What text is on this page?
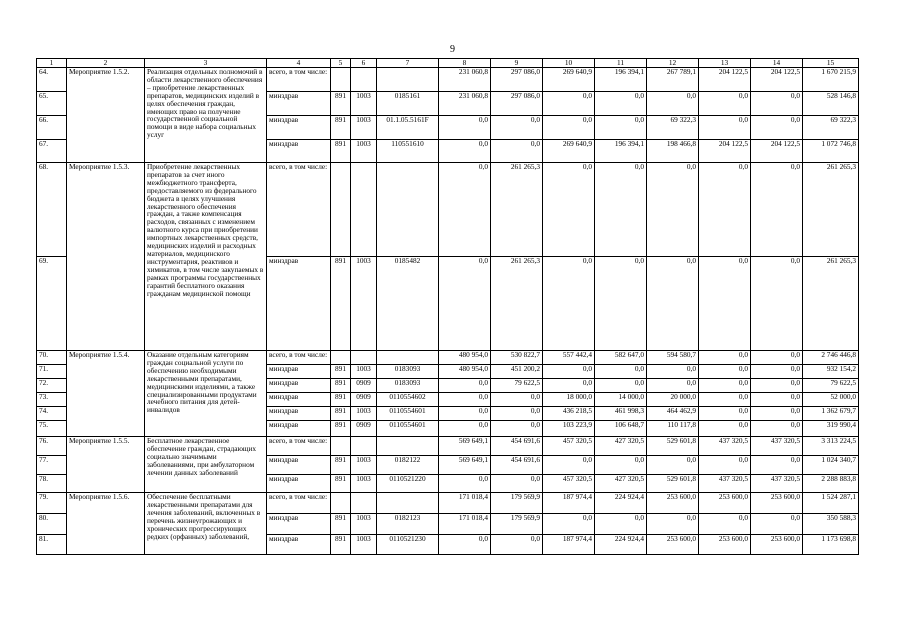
9
1	2	3	4	5	6	7	8	9	10	11	12	13	14	15
64.	Мероприятие 1.5.2.	Реализация отдельных полномочий в области лекарственного обеспечения – приобретение лекарственных препаратов, медицинских изделий в целях обеспечения граждан, имеющих право на получение государственной социальной помощи в виде набора социальных услуг	всего, в том числе:				231 060,8	297 086,0	269 640,9	196 394,1	267 789,1	204 122,5	204 122,5	1 670 215,9
65.			минздрав	891	1003	0185161	231 060,8	297 086,0	0,0	0,0	0,0	0,0	0,0	528 146,8
66.			минздрав	891	1003	01.1.05.5161F	0,0	0,0	0,0	0,0	69 322,3	0,0	0,0	69 322,3
67.			минздрав	891	1003	110551610	0,0	0,0	269 640,9	196 394,1	198 466,8	204 122,5	204 122,5	1 072 746,8
68.	Мероприятие 1.5.3.	Приобретение лекарственных препаратов за счет иного межбюджетного трансферта, предоставляемого из федерального бюджета в целях улучшения лекарственного обеспечения граждан, а также компенсация расходов, связанных с изменением валютного курса при приобретении импортных лекарственных средств, медицинских изделий и расходных материалов, медицинского инструментария, реактивов и химикатов, в том числе закупаемых в рамках программы государственных гарантий бесплатного оказания гражданам медицинской помощи	всего, в том числе:				0,0	261 265,3	0,0	0,0	0,0	0,0	0,0	261 265,3
69.			минздрав	891	1003	0185482	0,0	261 265,3	0,0	0,0	0,0	0,0	0,0	261 265,3
70.	Мероприятие 1.5.4.	Оказание отдельным категориям граждан социальной услуги по обеспечению необходимыми лекарственными препаратами, медицинскими изделиями, а также специализированными продуктами лечебного питания для детей-инвалидов	всего, в том числе:				480 954,0	530 822,7	557 442,4	582 647,0	594 580,7	0,0	0,0	2 746 446,8
71.			минздрав	891	1003	0183093	480 954,0	451 200,2	0,0	0,0	0,0	0,0	0,0	932 154,2
72.			минздрав	891	0909	0183093	0,0	79 622,5	0,0	0,0	0,0	0,0	0,0	79 622,5
73.			минздрав	891	0909	0110554602	0,0	0,0	18 000,0	14 000,0	20 000,0	0,0	0,0	52 000,0
74.			минздрав	891	1003	0110554601	0,0	0,0	436 218,5	461 998,3	464 462,9	0,0	0,0	1 362 679,7
75.			минздрав	891	0909	0110554601	0,0	0,0	103 223,9	106 648,7	110 117,8	0,0	0,0	319 990,4
76.	Мероприятие 1.5.5.	Бесплатное лекарственное обеспечение граждан, страдающих социально значимыми заболеваниями, при амбулаторном лечении данных заболеваний	всего, в том числе:				569 649,1	454 691,6	457 320,5	427 320,5	529 601,8	437 320,5	437 320,5	3 313 224,5
77.			минздрав	891	1003	0182122	569 649,1	454 691,6	0,0	0,0	0,0	0,0	0,0	1 024 340,7
78.			минздрав	891	1003	0110521220	0,0	0,0	457 320,5	427 320,5	529 601,8	437 320,5	437 320,5	2 288 883,8
79.	Мероприятие 1.5.6.	Обеспечение бесплатными лекарственными препаратами для лечения заболеваний, включенных в перечень жизнеугрожающих и хронических прогрессирующих редких (орфанных) заболеваний,	всего, в том числе:				171 018,4	179 569,9	187 974,4	224 924,4	253 600,0	253 600,0	253 600,0	1 524 287,1
80.			минздрав	891	1003	0182123	171 018,4	179 569,9	0,0	0,0	0,0	0,0	0,0	350 588,3
81.			минздрав	891	1003	0110521230	0,0	0,0	187 974,4	224 924,4	253 600,0	253 600,0	253 600,0	1 173 698,8
